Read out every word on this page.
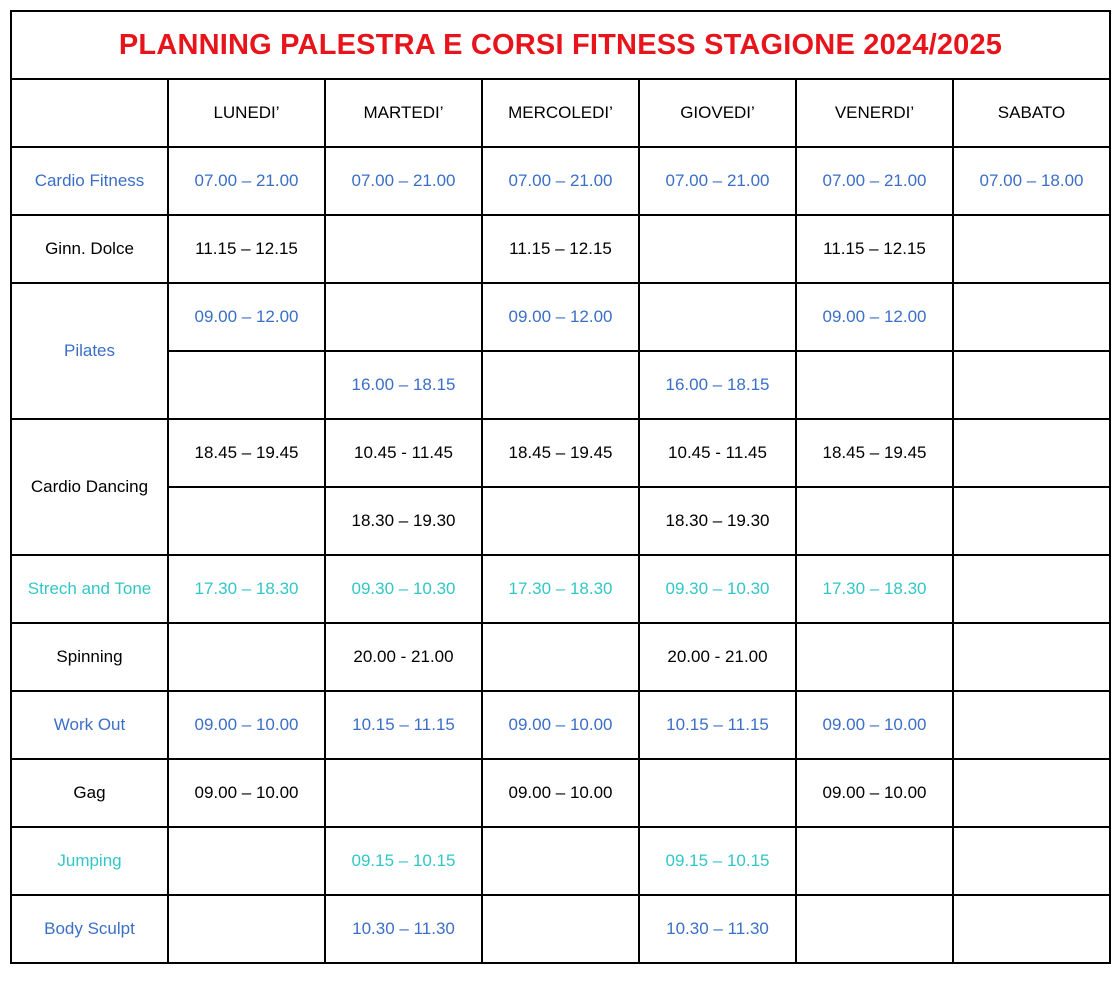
PLANNING PALESTRA E CORSI FITNESS STAGIONE 2024/2025						
	LUNEDI’	MARTEDI’	MERCOLEDI’	GIOVEDI’	VENERDI’	SABATO
Cardio Fitness	07.00 – 21.00	07.00 – 21.00	07.00 – 21.00	07.00 – 21.00	07.00 – 21.00	07.00 – 18.00
Ginn. Dolce	11.15 – 12.15		11.15 – 12.15		11.15 – 12.15	
Pilates	09.00 – 12.00		09.00 – 12.00		09.00 – 12.00	
		16.00 – 18.15		16.00 – 18.15		
Cardio Dancing	18.45 – 19.45	10.45 - 11.45	18.45 – 19.45	10.45 - 11.45	18.45 – 19.45	
		18.30 – 19.30		18.30 – 19.30		
Strech and Tone	17.30 – 18.30	09.30 – 10.30	17.30 – 18.30	09.30 – 10.30	17.30 – 18.30	
Spinning		20.00 - 21.00		20.00 - 21.00		
Work Out	09.00 – 10.00	10.15 – 11.15	09.00 – 10.00	10.15 – 11.15	09.00 – 10.00	
Gag	09.00 – 10.00		09.00 – 10.00		09.00 – 10.00	
Jumping		09.15 – 10.15		09.15 – 10.15		
Body Sculpt		10.30 – 11.30		10.30 – 11.30		
